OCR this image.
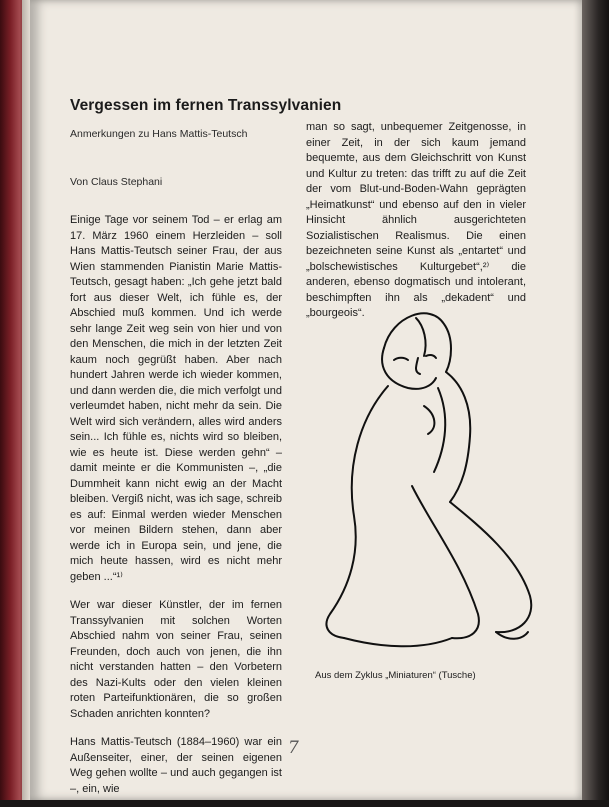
Vergessen im fernen Transsylvanien
Anmerkungen zu Hans Mattis-Teutsch
Von Claus Stephani

Einige Tage vor seinem Tod – er erlag am 17. März 1960 einem Herzleiden – soll Hans Mattis-Teutsch seiner Frau, der aus Wien stammenden Pianistin Marie Mattis-Teutsch, gesagt haben: „Ich gehe jetzt bald fort aus dieser Welt, ich fühle es, der Abschied muß kommen. Und ich werde sehr lange Zeit weg sein von hier und von den Menschen, die mich in der letzten Zeit kaum noch gegrüßt haben. Aber nach hundert Jahren werde ich wieder kommen, und dann werden die, die mich verfolgt und verleumdet haben, nicht mehr da sein. Die Welt wird sich verändern, alles wird anders sein... Ich fühle es, nichts wird so bleiben, wie es heute ist. Diese werden gehn“ – damit meinte er die Kommunisten –, „die Dummheit kann nicht ewig an der Macht bleiben. Vergiß nicht, was ich sage, schreib es auf: Einmal werden wieder Menschen vor meinen Bildern stehen, dann aber werde ich in Europa sein, und jene, die mich heute hassen, wird es nicht mehr geben ...“¹⁾

Wer war dieser Künstler, der im fernen Transsylvanien mit solchen Worten Abschied nahm von seiner Frau, seinen Freunden, doch auch von jenen, die ihn nicht verstanden hatten – den Vorbetern des Nazi-Kults oder den vielen kleinen roten Parteifunktionären, die so großen Schaden anrichten konnten?

Hans Mattis-Teutsch (1884–1960) war ein Außenseiter, einer, der seinen eigenen Weg gehen wollte – und auch gegangen ist –, ein, wie

man so sagt, unbequemer Zeitgenosse, in einer Zeit, in der sich kaum jemand bequemte, aus dem Gleichschritt von Kunst und Kultur zu treten: das trifft zu auf die Zeit der vom Blut-und-Boden-Wahn geprägten „Heimatkunst“ und ebenso auf den in vieler Hinsicht ähnlich ausgerichteten Sozialistischen Realismus. Die einen bezeichneten seine Kunst als „entartet“ und „bolschewistisches Kulturgebet“,²⁾ die anderen, ebenso dogmatisch und intolerant, beschimpften ihn als „dekadent“ und „bourgeois“.

Aus dem Zyklus „Miniaturen“ (Tusche)
7
